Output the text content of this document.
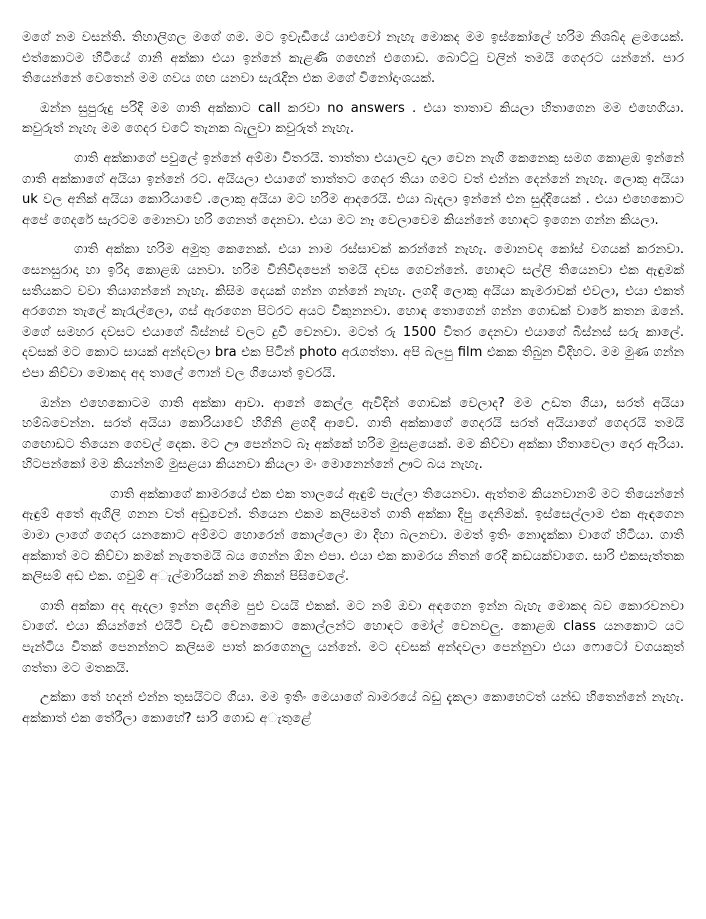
මගේ නම වසන්ති. තිහාලිගල මගේ ගම. මට ඉවැඩියේ යාළුවෝ නැහැ මොකද මම ඉස්කෝලේ හරිම නිශබ්ද ළමයෙක්. එත්කොටම හිටියේ ගානි අක්කා එයා ඉන්නේ කැළණි ගඟෙන් එගොඩ. බොට්ටු වලින් තමයි ගෙදරට යන්නේ. පාර තියෙන්නේ වෙතෙන් මම ගවය ගඟ යනවා සැරැදින එක මගේ විනෝදාංශයක්.

ඔන්න සුපුරුදු පරිදි මම ගාති අක්කාට call කරවා no answers . එයා තාතාව කියලා හිතාගෙන මම එහෙගියා. කවුරුත් නැහැ මම ගෙදර වටේ තැනක බැලුවා කවුරුත් නැහැ.

ගාති අක්කාගේ පවුලේ ඉන්නේ අම්මා විතරයි. තාත්තා එයාලව දාලා වෙන නැගි කෙනෙකු සමග කොළඹ ඉන්නේ ගාති අක්කාගේ අයියා ඉන්නේ රට. අයියලා එයාගේ තාත්තට ගෙදර තියා ගමට වත් එන්න දෙන්නේ නැහැ. ලොකු අයියා uk වල අනික් අයියා කොරියාවේ .ලොකු අයියා මට හරිම ආදරෙයි. එයා බැදලා ඉන්නේ එන සුද්දියෙක් . එයා එහෙකොට අපේ ගෙදරේ සැරටම මොනවා හරි ගෙනත් දෙනවා. එයා මට නෑ වෙලාවෙම කියන්නේ හොඳට ඉගෙන ගන්න කියලා.

ගාති අක්කා හරිම අමුතු කෙනෙක්. එයා නාම රස්සාවක් කරන්නේ නැහැ. මොනවද කෝස් වගයක් කරනවා. සෙනසුරාදා හා ඉරිදා කොළඹ යනවා. හරිම විනිවිදපෙන් තමයි දවස ගෙවන්නේ. හොඳට සල්ලි තියෙනවා එක ඇඳුමක් සතියකට වවා තියාගන්නේ නැහැ. කිසිම දෙයක් ගන්න ගන්නේ නැහැ. ලගදී ලොකු අයියා කැමරාවක් එවලා, එයා එකත් අරගෙන තැලේ කැරැල්ලො, ගස් ඇරගෙන පිටරට අයට විකුනනවා. හොඳ තොගෙන් ගන්න ගොඩක් වාරේ කතන ඔනේ. මගේ සමහර දවසට එයාගේ බිස්නස් වලට දුවී වෙනවා. මටත් රු 1500 විතර දෙනවා එයාගේ බිස්නස් සරු කාලේ. දවසක් මට කොට සායක් අන්දවලා bra එක පිටින් photo අරැගත්තා. අපි බලපු film එකක තිබුන විදිහට. මම මුණ ගන්න එපා කිව්වා මොකද අද තාලේ ෆොන් වල ගියොත් ඉවරයි.

ඔන්න එහෙකොටම ගාති අක්කා ආවා. ආනේ කෙල්ල ඇවිදින් ගොඩක් වෙලාද? මම උඩත ගියා, සරත් අයියා හම්බවෙන්න. සරත් අයියා කොරියාවේ හිගිනි ළගදී ආවේ. ගාති අක්කාගේ ගෙදරයි සරත් අයියාගේ ගෙදරයි තමයි ගඟොඩට තියෙන ගෙවල් දෙක. මට ඌ පෙන්නට බෑ අක්කේ හරිම මුසළයෙක්. මම කිව්වා අක්කා හිතාවෙලා දොර ඇරියා. හිටපන්කෝ මම කියන්නම් මුසළයා කියනවා කියලා මං මොනෙන්නේ ඌට බය නැහැ.

ගාති අක්කාගේ කාමරයේ එක එක තාලයේ ඇඳුම් පැල්ලා තියෙනවා. ඇත්තම කියනවානම් මට තියෙන්නේ ඇඳුම් අතේ ඇගිලි ගනන වත් අඩුවෙන්. තියෙන එකම කලිසමත් ගාති අක්කා දිපු දෙනිමක්. ඉස්සෙල්ලාම එක ඇඳගෙන මාමා ලාගේ ගෙදර යනකොට අම්මට හොරෙන් කොල්ලො මා දිහා බලනවා. මමත් ඉතිං නොදැක්කා වාගේ හිටියා. ගාති අක්කාත් මට කිව්වා කමක් නැතෙමයි බය ගෙන්න ඕන එපා. එයා එක කාමරය නිතන් රෙදි කඩයක්වාගෙ. සාරි එකසැත්තක කලිසම් අඩ එක. ගවුම් අැල්මාරියක් නම නිකන් පිසිවෙලේ.

ගාති අක්කා අද ඇදලා ඉන්න දෙනිම පුළු වයයි එකක්. මට නම් ඔවා අඳගෙන ඉන්න බැහැ මොකද බව කොරවනවා වාගේ. එයා කියන්නේ එයිටි වැඩි වෙනකොට කොල්ලන්ට හොඳට මෝල් වෙනවලු. කොළඹ class යනකොට යට පැන්ටිය විතක් පෙනන්නට කලිසම පාත් කරගෙනලු යන්නේ. මට දවසක් අන්දවලා පෙන්නුවා එයා ෆොටෝ වගයකුත් ගත්තා මට මතකයි.

උක්කා තේ හදන් එන්න තුසයිටට ගියා. මම ඉතිං මෙයාගේ බාමරයේ බඩු දැකලා කොහෙටත් යන්ඩ හිතෙන්නේ නැහැ. අක්කාත් එක තේරීලා කොහේ? සාරි ගොඩ අැතුළේ
